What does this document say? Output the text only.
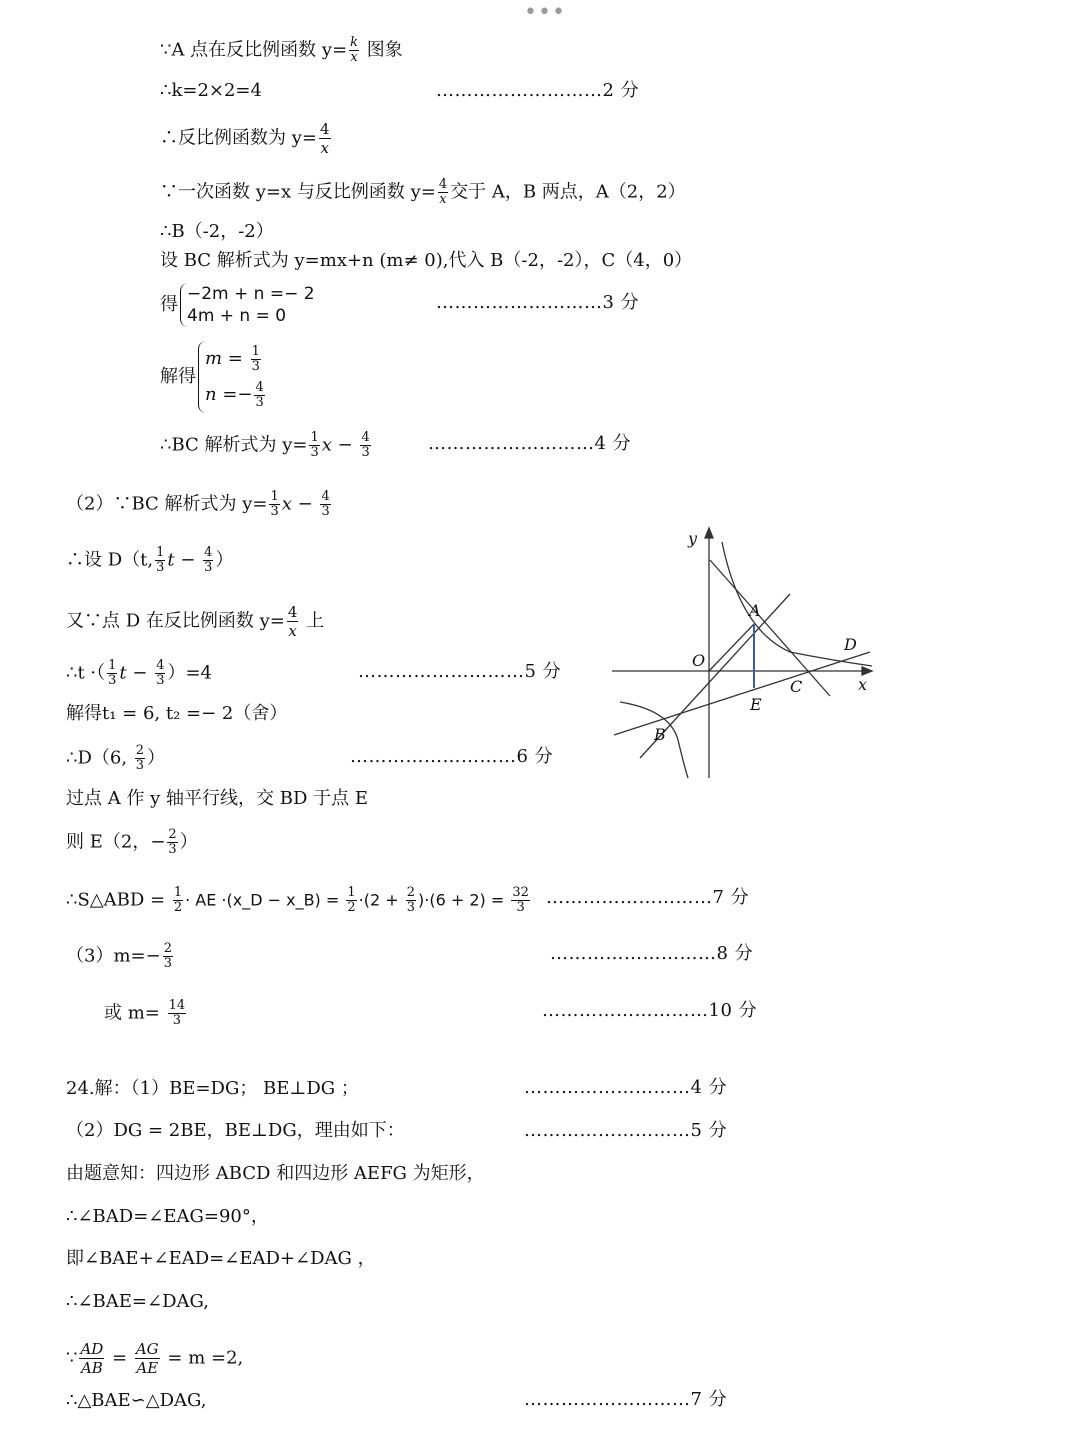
•••
∵A 点在反比例函数 $y= \frac{k}{x}$ 图象
∴k=2×2=4	………………………2 分
∴反比例函数为 $y= \frac{4}{x}$
∵一次函数 y=x 与反比例函数 $y= \frac{4}{x}$ 交于 A，B 两点，A（2，2）
∴B（-2，-2）
设 BC 解析式为 y=mx+n (m≠ 0),代入 B（-2，-2），C（4，0）
得 −2m + n =− 2
4m + n = 0
………………………3 分
解得
$m = \frac{1}{3}$
$n =- \frac{4}{3}$
∴BC 解析式为 $y= \frac{1}{3}$ $x - \frac{4}{3}$	………………………4 分
（2）∵BC 解析式为 $y= \frac{1}{3}$ $x - \frac{4}{3}$
∴设 D（t, $\frac{1}{3}$ $t - \frac{4}{3}$ ）
又∵点 D 在反比例函数 $y= \frac{4}{x}$ 上
∴t ·（ $\frac{1}{3}$ $t - \frac{4}{3} )=4$	………………………5 分
解得t₁ = 6, t₂ =− 2（舍）
∴D（6, $\frac{2}{3}$ ）	………………………6 分
过点 A 作 y 轴平行线，交 BD 于点 E
则 E（2，− $\frac{2}{3}$ ）
∴S△ABD = $\frac{1}{2}$ · AE ·(x_D − x_B) = $\frac{1}{2} \cdot(2 + \frac{2}{3} )\cdot(6 + 2) = \frac{32}{3}$ ………………………7 分
$(3)m=- \frac{2}{3}$	………………………8 分
或 $m= \frac{14}{3}$	………………………10 分
24.解：（1）BE=DG； BE⊥DG ；	………………………4 分
（2）DG = 2BE，BE⊥DG，理由如下：	………………………5 分
由题意知：四边形 ABCD 和四边形 AEFG 为矩形，
∴∠BAD=∠EAG=90°，
即∠BAE+∠EAD=∠EAD+∠DAG ，
∴∠BAE=∠DAG,
∵ $\frac{AD}{AB} = \frac{AG}{AE} = m =2$,
∴△BAE∽△DAG,	………………………7 分
y
x
O
A
B
C
D
E
